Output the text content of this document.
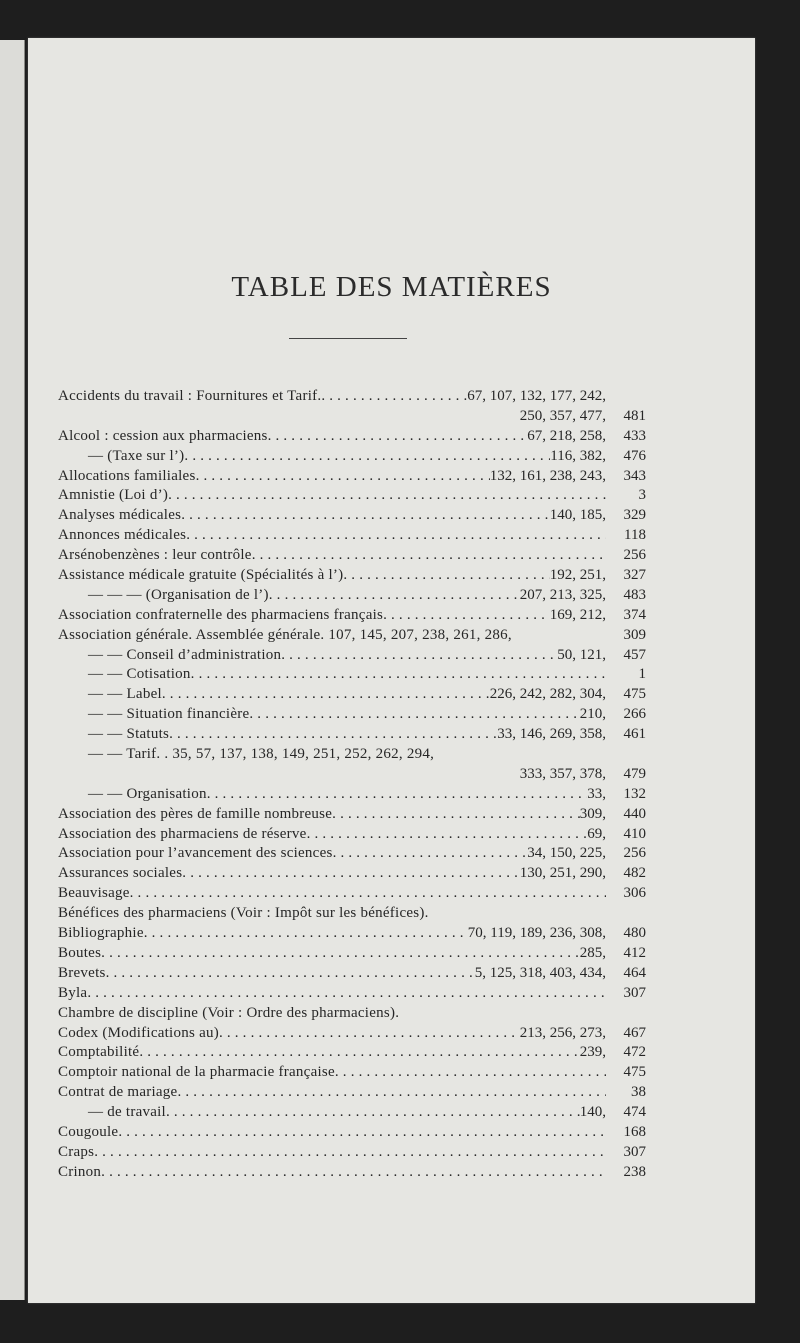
TABLE DES MATIÈRES
Accidents du travail : Fournitures et Tarif. . . .	67, 107, 132, 177, 242,
250, 357, 477,	481
Alcool : cession aux pharmaciens . . .	67, 218, 258,	433
— (Taxe sur l’) . . .	116, 382,	476
Allocations familiales . . .	132, 161, 238, 243,	343
Amnistie (Loi d’) . . .	3
Analyses médicales . . .	140, 185,	329
Annonces médicales . . .	118
Arsénobenzènes : leur contrôle . . .	256
Assistance médicale gratuite (Spécialités à l’) . . .	192, 251,	327
— — — (Organisation de l’) . . .	207, 213, 325,	483
Association confraternelle des pharmaciens français . . .	169, 212,	374
Association générale. Assemblée générale. 107, 145, 207, 238, 261, 286,	309
— — Conseil d’administration . . .	50, 121,	457
— — Cotisation . . .	1
— — Label . . .	226, 242, 282, 304,	475
— — Situation financière . . .	210,	266
— — Statuts . . .	33, 146, 269, 358,	461
— — Tarif. . 35, 57, 137, 138, 149, 251, 252, 262, 294,
333, 357, 378,	479
— — Organisation . . .	33,	132
Association des pères de famille nombreuse . . .	309,	440
Association des pharmaciens de réserve . . .	69,	410
Association pour l’avancement des sciences . . .	34, 150, 225,	256
Assurances sociales . . .	130, 251, 290,	482
Beauvisage . . .	306
Bénéfices des pharmaciens (Voir : Impôt sur les bénéfices).
Bibliographie . . .	70, 119, 189, 236, 308,	480
Boutes . . .	285,	412
Brevets . . .	5, 125, 318, 403, 434,	464
Byla . . .	307
Chambre de discipline (Voir : Ordre des pharmaciens).
Codex (Modifications au) . . .	213, 256, 273,	467
Comptabilité . . .	239,	472
Comptoir national de la pharmacie française . . .	475
Contrat de mariage . . .	38
— de travail . . .	140,	474
Cougoule . . .	168
Craps . . .	307
Crinon . . .	238
